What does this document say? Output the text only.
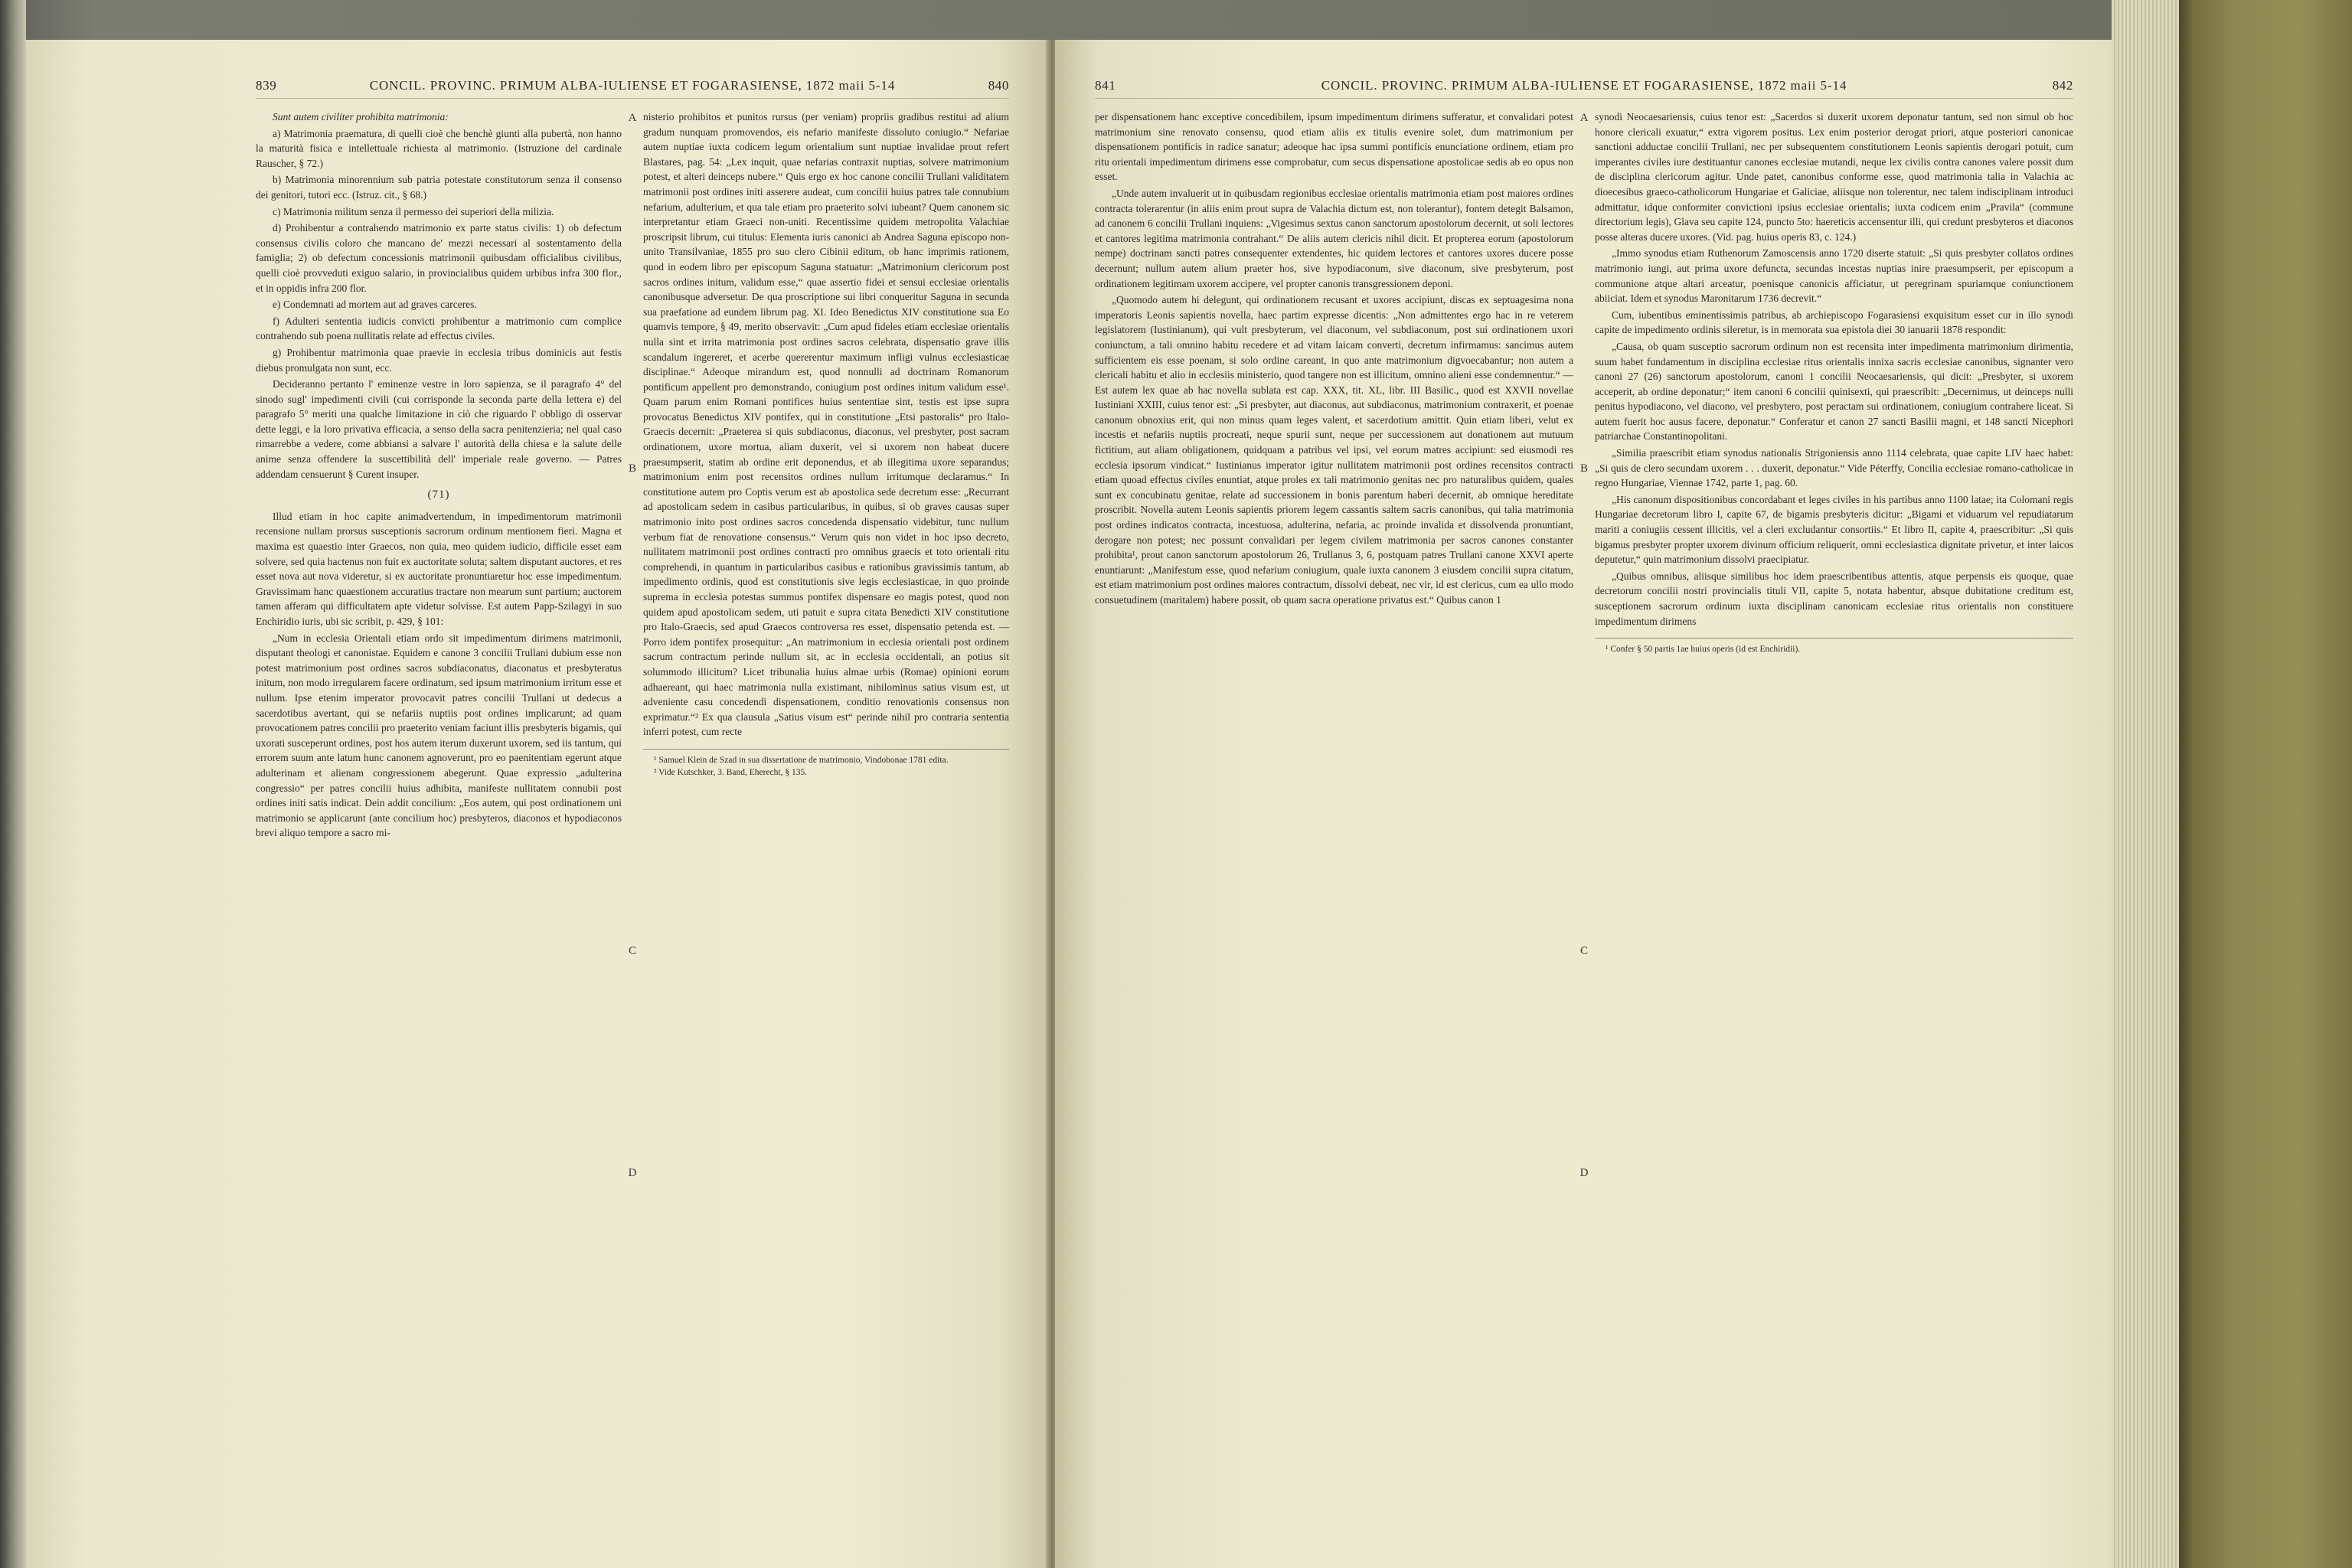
839	CONCIL. PROVINC. PRIMUM ALBA-IULIENSE ET FOGARASIENSE, 1872 maii 5-14	840

Sunt autem civiliter prohibita matrimonia:

a) Matrimonia praematura, di quelli cioè che benchè giunti alla pubertà, non hanno la maturità fisica e intellettuale richiesta al matrimonio. (Istruzione del cardinale Rauscher, § 72.)

b) Matrimonia minorennium sub patria potestate constitutorum senza il consenso dei genitori, tutori ecc. (Istruz. cit., § 68.)

c) Matrimonia militum senza il permesso dei superiori della milizia.

d) Prohibentur a contrahendo matrimonio ex parte status civilis: 1) ob defectum consensus civilis coloro che mancano de' mezzi necessari al sostentamento della famiglia; 2) ob defectum concessionis matrimonii quibusdam officialibus civilibus, quelli cioè provveduti exiguo salario, in provincialibus quidem urbibus infra 300 flor., et in oppidis infra 200 flor.

e) Condemnati ad mortem aut ad graves carceres.

f) Adulteri sententia iudicis convicti prohibentur a matrimonio cum complice contrahendo sub poena nullitatis relate ad effectus civiles.

g) Prohibentur matrimonia quae praevie in ecclesia tribus dominicis aut festis diebus promulgata non sunt, ecc.

Decideranno pertanto l' eminenze vestre in loro sapienza, se il paragrafo 4° del sinodo sugl' impedimenti civili (cui corrisponde la seconda parte della lettera e) del paragrafo 5° meriti una qualche limitazione in ciò che riguardo l' obbligo di osservar dette leggi, e la loro privativa efficacia, a senso della sacra penitenzieria; nel qual caso rimarrebbe a vedere, come abbiansi a salvare l' autorità della chiesa e la salute delle anime senza offendere la suscettibilità dell' imperiale reale governo. — Patres addendam censuerunt § Curent insuper.

(71)

Illud etiam in hoc capite animadvertendum, in impedimentorum matrimonii recensione nullam prorsus susceptionis sacrorum ordinum mentionem fieri. Magna et maxima est quaestio inter Graecos, non quia, meo quidem iudicio, difficile esset eam solvere, sed quia hactenus non fuit ex auctoritate soluta; saltem disputant auctores, et res esset nova aut nova videretur, si ex auctoritate pronuntiaretur hoc esse impedimentum. Gravissimam hanc quaestionem accuratius tractare non mearum sunt partium; auctorem tamen afferam qui difficultatem apte videtur solvisse. Est autem Papp-Szilagyi in suo Enchiridio iuris, ubi sic scribit, p. 429, § 101:

„Num in ecclesia Orientali etiam ordo sit impedimentum dirimens matrimonii, disputant theologi et canonistae. Equidem e canone 3 concilii Trullani dubium esse non potest matrimonium post ordines sacros subdiaconatus, diaconatus et presbyteratus initum, non modo irregularem facere ordinatum, sed ipsum matrimonium irritum esse et nullum. Ipse etenim imperator provocavit patres concilii Trullani ut dedecus a sacerdotibus avertant, qui se nefariis nuptiis post ordines implicarunt; ad quam provocationem patres concilii pro praeterito veniam faciunt illis presbyteris bigamis, qui uxorati susceperunt ordines, post hos autem iterum duxerunt uxorem, sed iis tantum, qui errorem suum ante latum hunc canonem agnoverunt, pro eo paenitentiam egerunt atque adulterinam et alienam congressionem abegerunt. Quae expressio „adulterina congressio“ per patres concilii huius adhibita, manifeste nullitatem connubii post ordines initi satis indicat. Dein addit concilium: „Eos autem, qui post ordinationem uni matrimonio se applicarunt (ante concilium hoc) presbyteros, diaconos et hypodiaconos brevi aliquo tempore a sacro mi-

A
B
C
D

nisterio prohibitos et punitos rursus (per veniam) propriis gradibus restitui ad alium gradum nunquam promovendos, eis nefario manifeste dissoluto coniugio.“ Nefariae autem nuptiae iuxta codicem legum orientalium sunt nuptiae invalidae prout refert Blastares, pag. 54: „Lex inquit, quae nefarias contraxit nuptias, solvere matrimonium potest, et alteri deinceps nubere.“ Quis ergo ex hoc canone concilii Trullani validitatem matrimonii post ordines initi asserere audeat, cum concilii huius patres tale connubium nefarium, adulterium, et qua tale etiam pro praeterito solvi iubeant? Quem canonem sic interpretantur etiam Graeci non-uniti. Recentissime quidem metropolita Valachiae proscripsit librum, cui titulus: Elementa iuris canonici ab Andrea Saguna episcopo non-unito Transilvaniae, 1855 pro suo clero Cibinii editum, ob hanc imprimis rationem, quod in eodem libro per episcopum Saguna statuatur: „Matrimonium clericorum post sacros ordines initum, validum esse,“ quae assertio fidei et sensui ecclesiae orientalis canonibusque adversetur. De qua proscriptione sui libri conqueritur Saguna in secunda sua praefatione ad eundem librum pag. XI. Ideo Benedictus XIV constitutione sua Eo quamvis tempore, § 49, merito observavit: „Cum apud fideles etiam ecclesiae orientalis nulla sint et irrita matrimonia post ordines sacros celebrata, dispensatio grave illis scandalum ingereret, et acerbe quererentur maximum infligi vulnus ecclesiasticae disciplinae.“ Adeoque mirandum est, quod nonnulli ad doctrinam Romanorum pontificum appellent pro demonstrando, coniugium post ordines initum validum esse¹. Quam parum enim Romani pontifices huius sententiae sint, testis est ipse supra provocatus Benedictus XIV pontifex, qui in constitutione „Etsi pastoralis“ pro Italo-Graecis decernit: „Praeterea si quis subdiaconus, diaconus, vel presbyter, post sacram ordinationem, uxore mortua, aliam duxerit, vel si uxorem non habeat ducere praesumpserit, statim ab ordine erit deponendus, et ab illegitima uxore separandus; matrimonium enim post recensitos ordines nullum irritumque declaramus.“ In constitutione autem pro Coptis verum est ab apostolica sede decretum esse: „Recurrant ad apostolicam sedem in casibus particularibus, in quibus, si ob graves causas super matrimonio inito post ordines sacros concedenda dispensatio videbitur, tunc nullum verbum fiat de renovatione consensus.“ Verum quis non videt in hoc ipso decreto, nullitatem matrimonii post ordines contracti pro omnibus graecis et toto orientali ritu comprehendi, in quantum in particularibus casibus e rationibus gravissimis tantum, ab impedimento ordinis, quod est constitutionis sive legis ecclesiasticae, in quo proinde suprema in ecclesia potestas summus pontifex dispensare eo magis potest, quod non quidem apud apostolicam sedem, uti patuit e supra citata Benedicti XIV constitutione pro Italo-Graecis, sed apud Graecos controversa res esset, dispensatio petenda est. — Porro idem pontifex prosequitur: „An matrimonium in ecclesia orientali post ordinem sacrum contractum perinde nullum sit, ac in ecclesia occidentali, an potius sit solummodo illicitum? Licet tribunalia huius almae urbis (Romae) opinioni eorum adhaereant, qui haec matrimonia nulla existimant, nihilominus satius visum est, ut adveniente casu concedendi dispensationem, conditio renovationis consensus non exprimatur.“² Ex qua clausula „Satius visum est“ perinde nihil pro contraria sententia inferri potest, cum recte

¹ Samuel Klein de Szad in sua dissertatione de matrimonio, Vindobonae 1781 edita.

² Vide Kutschker, 3. Band, Eherecht, § 135.

841	CONCIL. PROVINC. PRIMUM ALBA-IULIENSE ET FOGARASIENSE, 1872 maii 5-14	842

per dispensationem hanc exceptive concedibilem, ipsum impedimentum dirimens sufferatur, et convalidari potest matrimonium sine renovato consensu, quod etiam aliis ex titulis evenire solet, dum matrimonium per dispensationem pontificis in radice sanatur; adeoque hac ipsa summi pontificis enunciatione ordinem, etiam pro ritu orientali impedimentum dirimens esse comprobatur, cum secus dispensatione apostolicae sedis ab eo opus non esset.

„Unde autem invaluerit ut in quibusdam regionibus ecclesiae orientalis matrimonia etiam post maiores ordines contracta tolerarentur (in aliis enim prout supra de Valachia dictum est, non tolerantur), fontem detegit Balsamon, ad canonem 6 concilii Trullani inquiens: „Vigesimus sextus canon sanctorum apostolorum decernit, ut soli lectores et cantores legitima matrimonia contrahant.“ De aliis autem clericis nihil dicit. Et propterea eorum (apostolorum nempe) doctrinam sancti patres consequenter extendentes, hic quidem lectores et cantores uxores ducere posse decernunt; nullum autem alium praeter hos, sive hypodiaconum, sive diaconum, sive presbyterum, post ordinationem legitimam uxorem accipere, vel propter canonis transgressionem deponi.

„Quomodo autem hi delegunt, qui ordinationem recusant et uxores accipiunt, discas ex septuagesima nona imperatoris Leonis sapientis novella, haec partim expresse dicentis: „Non admittentes ergo hac in re veterem legislatorem (Iustinianum), qui vult presbyterum, vel diaconum, vel subdiaconum, post sui ordinationem uxori coniunctum, a tali omnino habitu recedere et ad vitam laicam converti, decretum infirmamus: sancimus autem sufficientem eis esse poenam, si solo ordine careant, in quo ante matrimonium digvoecabantur; non autem a clericali habitu et alio in ecclesiis ministerio, quod tangere non est illicitum, omnino alieni esse condemnentur.“ — Est autem lex quae ab hac novella sublata est cap. XXX, tit. XL, libr. III Basilic., quod est XXVII novellae Iustiniani XXIII, cuius tenor est: „Si presbyter, aut diaconus, aut subdiaconus, matrimonium contraxerit, et poenae canonum obnoxius erit, qui non minus quam leges valent, et sacerdotium amittit. Quin etiam liberi, velut ex incestis et nefariis nuptiis procreati, neque spurii sunt, neque per successionem aut donationem aut mutuum fictitium, aut aliam obligationem, quidquam a patribus vel ipsi, vel eorum matres accipiunt: sed eiusmodi res ecclesia ipsorum vindicat.“ Iustinianus imperator igitur nullitatem matrimonii post ordines recensitos contracti etiam quoad effectus civiles enuntiat, atque proles ex tali matrimonio genitas nec pro naturalibus quidem, quales sunt ex concubinatu genitae, relate ad successionem in bonis parentum haberi decernit, ab omnique hereditate proscribit. Novella autem Leonis sapientis priorem legem cassantis saltem sacris canonibus, qui talia matrimonia post ordines indicatos contracta, incestuosa, adulterina, nefaria, ac proinde invalida et dissolvenda pronuntiant, derogare non potest; nec possunt convalidari per legem civilem matrimonia per sacros canones constanter prohibita¹, prout canon sanctorum apostolorum 26, Trullanus 3, 6, postquam patres Trullani canone XXVI aperte enuntiarunt: „Manifestum esse, quod nefarium coniugium, quale iuxta canonem 3 eiusdem concilii supra citatum, est etiam matrimonium post ordines maiores contractum, dissolvi debeat, nec vir, id est clericus, cum ea ullo modo consuetudinem (maritalem) habere possit, ob quam sacra operatione privatus est.“ Quibus canon 1

A
B
C
D

synodi Neocaesariensis, cuius tenor est: „Sacerdos si duxerit uxorem deponatur tantum, sed non simul ob hoc honore clericali exuatur,“ extra vigorem positus. Lex enim posterior derogat priori, atque posteriori canonicae sanctioni adductae concilii Trullani, nec per subsequentem constitutionem Leonis sapientis derogari potuit, cum imperantes civiles iure destituantur canones ecclesiae mutandi, neque lex civilis contra canones valere possit dum de disciplina clericorum agitur. Unde patet, canonibus conforme esse, quod matrimonia talia in Valachia ac dioecesibus graeco-catholicorum Hungariae et Galiciae, aliisque non tolerentur, nec talem indisciplinam introduci admittatur, idque conformiter convictioni ipsius ecclesiae orientalis; iuxta codicem enim „Pravila“ (commune directorium legis), Glava seu capite 124, puncto 5to: haereticis accensentur illi, qui credunt presbyteros et diaconos posse alteras ducere uxores. (Vid. pag. huius operis 83, c. 124.)

„Immo synodus etiam Ruthenorum Zamoscensis anno 1720 diserte statuit: „Si quis presbyter collatos ordines matrimonio iungi, aut prima uxore defuncta, secundas incestas nuptias inire praesumpserit, per episcopum a communione atque altari arceatur, poenisque canonicis afficiatur, ut peregrinam spuriamque coniunctionem abiiciat. Idem et synodus Maronitarum 1736 decrevit.“

Cum, iubentibus eminentissimis patribus, ab archiepiscopo Fogarasiensi exquisitum esset cur in illo synodi capite de impedimento ordinis sileretur, is in memorata sua epistola diei 30 ianuarii 1878 respondit:

„Causa, ob quam susceptio sacrorum ordinum non est recensita inter impedimenta matrimonium dirimentia, suum habet fundamentum in disciplina ecclesiae ritus orientalis innixa sacris ecclesiae canonibus, signanter vero canoni 27 (26) sanctorum apostolorum, canoni 1 concilii Neocaesariensis, qui dicit: „Presbyter, si uxorem acceperit, ab ordine deponatur;“ item canoni 6 concilii quinisexti, qui praescribit: „Decernimus, ut deinceps nulli penitus hypodiacono, vel diacono, vel presbytero, post peractam sui ordinationem, coniugium contrahere liceat. Si autem fuerit hoc ausus facere, deponatur.“ Conferatur et canon 27 sancti Basilii magni, et 148 sancti Nicephori patriarchae Constantinopolitani.

„Similia praescribit etiam synodus nationalis Strigoniensis anno 1114 celebrata, quae capite LIV haec habet: „Si quis de clero secundam uxorem . . . duxerit, deponatur.“ Vide Péterffy, Concilia ecclesiae romano-catholicae in regno Hungariae, Viennae 1742, parte 1, pag. 60.

„His canonum dispositionibus concordabant et leges civiles in his partibus anno 1100 latae; ita Colomani regis Hungariae decretorum libro I, capite 67, de bigamis presbyteris dicitur: „Bigami et viduarum vel repudiatarum mariti a coniugiis cessent illicitis, vel a cleri excludantur consortiis.“ Et libro II, capite 4, praescribitur: „Si quis bigamus presbyter propter uxorem divinum officium reliquerit, omni ecclesiastica dignitate privetur, et inter laicos deputetur,“ quin matrimonium dissolvi praecipiatur.

„Quibus omnibus, aliisque similibus hoc idem praescribentibus attentis, atque perpensis eis quoque, quae decretorum concilii nostri provincialis tituli VII, capite 5, notata habentur, absque dubitatione creditum est, susceptionem sacrorum ordinum iuxta disciplinam canonicam ecclesiae ritus orientalis non constituere impedimentum dirimens

¹ Confer § 50 partis 1ae huius operis (id est Enchiridii).
